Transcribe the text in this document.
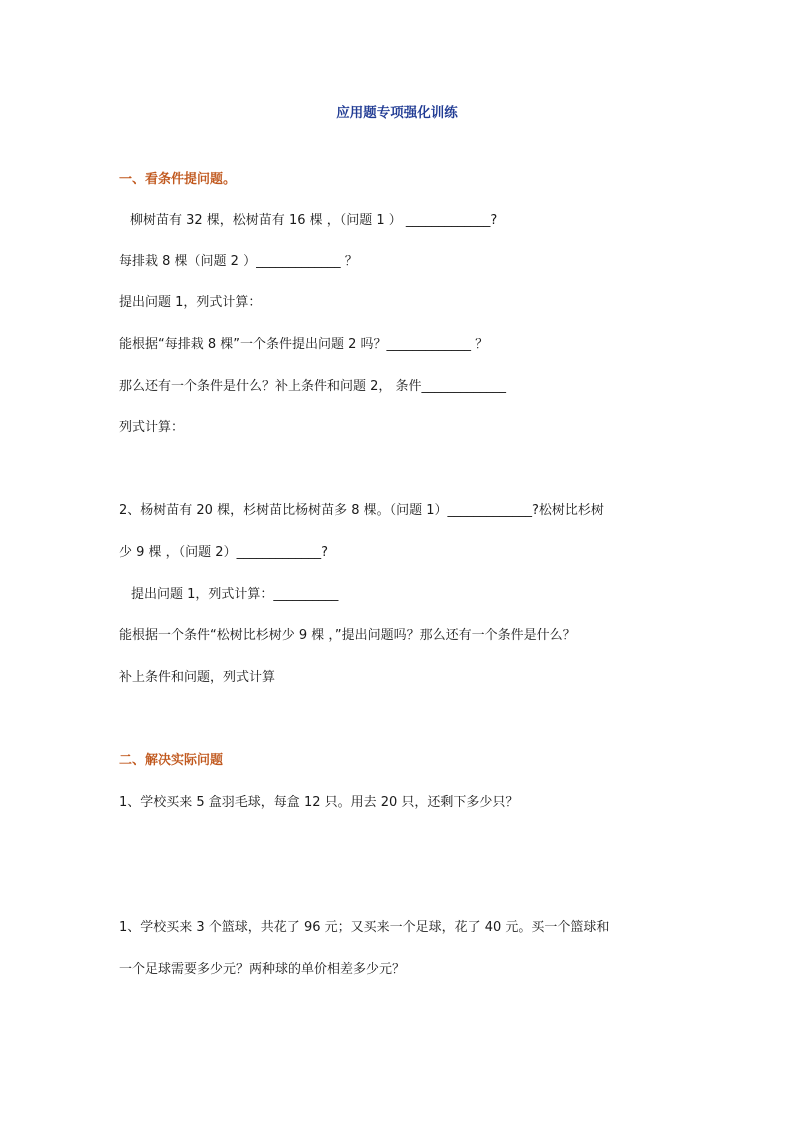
应用题专项强化训练
一、看条件提问题。
柳树苗有 32 棵，松树苗有 16 棵 ，（问题 1 ） _____________?
每排栽 8 棵（问题 2 ）_____________ ？
提出问题 1，列式计算：
能根据“每排栽 8 棵”一个条件提出问题 2 吗？_____________ ？
那么还有一个条件是什么？补上条件和问题 2， 条件_____________
列式计算：
2、杨树苗有 20 棵，杉树苗比杨树苗多 8 棵。（问题 1）_____________?松树比杉树
少 9 棵 ，（问题 2）_____________?
提出问题 1，列式计算：__________
能根据一个条件“松树比杉树少 9 棵 ，”提出问题吗？那么还有一个条件是什么？
补上条件和问题，列式计算
二、解决实际问题
1、学校买来 5 盒羽毛球，每盒 12 只。用去 20 只，还剩下多少只？
1、学校买来 3 个篮球，共花了 96 元；又买来一个足球，花了 40 元。买一个篮球和
一个足球需要多少元？两种球的单价相差多少元？
